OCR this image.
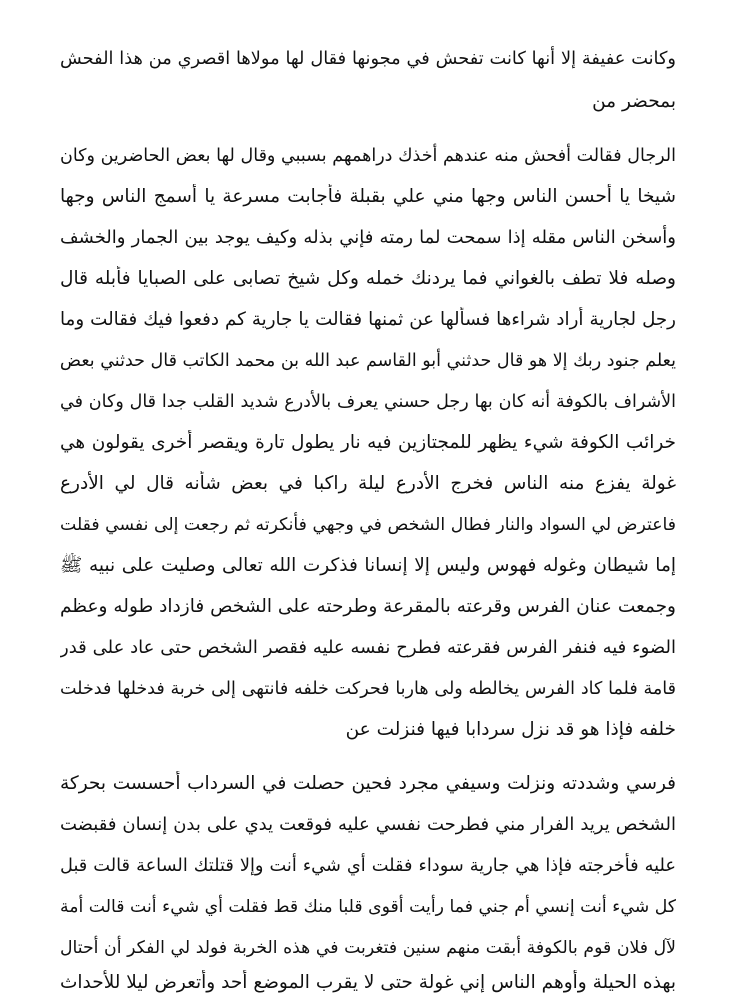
وكانت عفيفة إلا أنها كانت تفحش في مجونها فقال لها مولاها اقصري من هذا الفحش
بمحضر من
الرجال فقالت أفحش منه عندهم أخذك دراهمهم بسببي وقال لها بعض الحاضرين وكان
شيخا يا أحسن الناس وجها مني علي بقبلة فأجابت مسرعة يا أسمج الناس وجها
وأسخن الناس مقله إذا سمحت لما رمته فإني بذله وكيف يوجد بين الجمار والخشف
وصله فلا تطف بالغواني فما يردنك خمله وكل شيخ تصابى على الصبايا فأبله قال
رجل لجارية أراد شراءها فسألها عن ثمنها فقالت يا جارية كم دفعوا فيك فقالت وما
يعلم جنود ربك إلا هو قال حدثني أبو القاسم عبد الله بن محمد الكاتب قال حدثني بعض
الأشراف بالكوفة أنه كان بها رجل حسني يعرف بالأدرع شديد القلب جدا قال وكان في
خرائب الكوفة شيء يظهر للمجتازين فيه نار يطول تارة ويقصر أخرى يقولون هي
غولة يفزع منه الناس فخرج الأدرع ليلة راكبا في بعض شأنه قال لي الأدرع
فاعترض لي السواد والنار فطال الشخص في وجهي فأنكرته ثم رجعت إلى نفسي فقلت
إما شيطان وغوله فهوس وليس إلا إنسانا فذكرت الله تعالى وصليت على نبيه ﷺ
وجمعت عنان الفرس وقرعته بالمقرعة وطرحته على الشخص فازداد طوله وعظم
الضوء فيه فنفر الفرس فقرعته فطرح نفسه عليه فقصر الشخص حتى عاد على قدر
قامة فلما كاد الفرس يخالطه ولى هاربا فحركت خلفه فانتهى إلى خربة فدخلها فدخلت
خلفه فإذا هو قد نزل سردابا فيها فنزلت عن
فرسي وشددته ونزلت وسيفي مجرد فحين حصلت في السرداب أحسست بحركة
الشخص يريد الفرار مني فطرحت نفسي عليه فوقعت يدي على بدن إنسان فقبضت
عليه فأخرجته فإذا هي جارية سوداء فقلت أي شيء أنت وإلا قتلتك الساعة قالت قبل
كل شيء أنت إنسي أم جني فما رأيت أقوى قلبا منك قط فقلت أي شيء أنت قالت أمة
لآل فلان قوم بالكوفة أبقت منهم سنين فتغربت في هذه الخربة فولد لي الفكر أن أحتال
بهذه الحيلة وأوهم الناس إني غولة حتى لا يقرب الموضع أحد وأتعرض ليلا للأحداث
